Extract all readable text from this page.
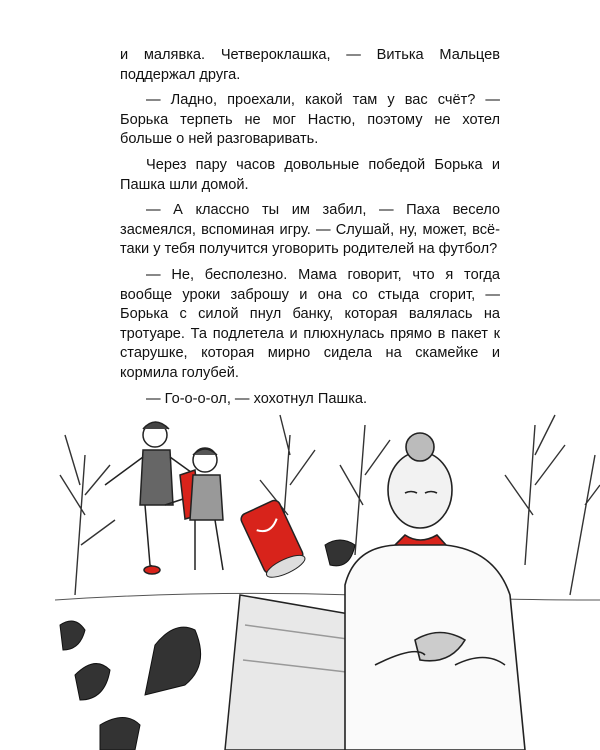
и малявка. Четвероклашка, — Витька Мальцев поддержал друга.

— Ладно, проехали, какой там у вас счёт? — Борька терпеть не мог Настю, поэтому не хотел больше о ней разговаривать.

Через пару часов довольные победой Борька и Пашка шли домой.

— А классно ты им забил, — Паха весело засмеялся, вспоминая игру. — Слушай, ну, может, всё-таки у тебя получится уговорить родителей на футбол?

— Не, бесполезно. Мама говорит, что я тогда вообще уроки заброшу и она со стыда сгорит, — Борька с силой пнул банку, которая валялась на тротуаре. Та подлетела и плюхнулась прямо в пакет к старушке, которая мирно сидела на скамейке и кормила голубей.

— Го-о-о-ол, — хохотнул Пашка.
